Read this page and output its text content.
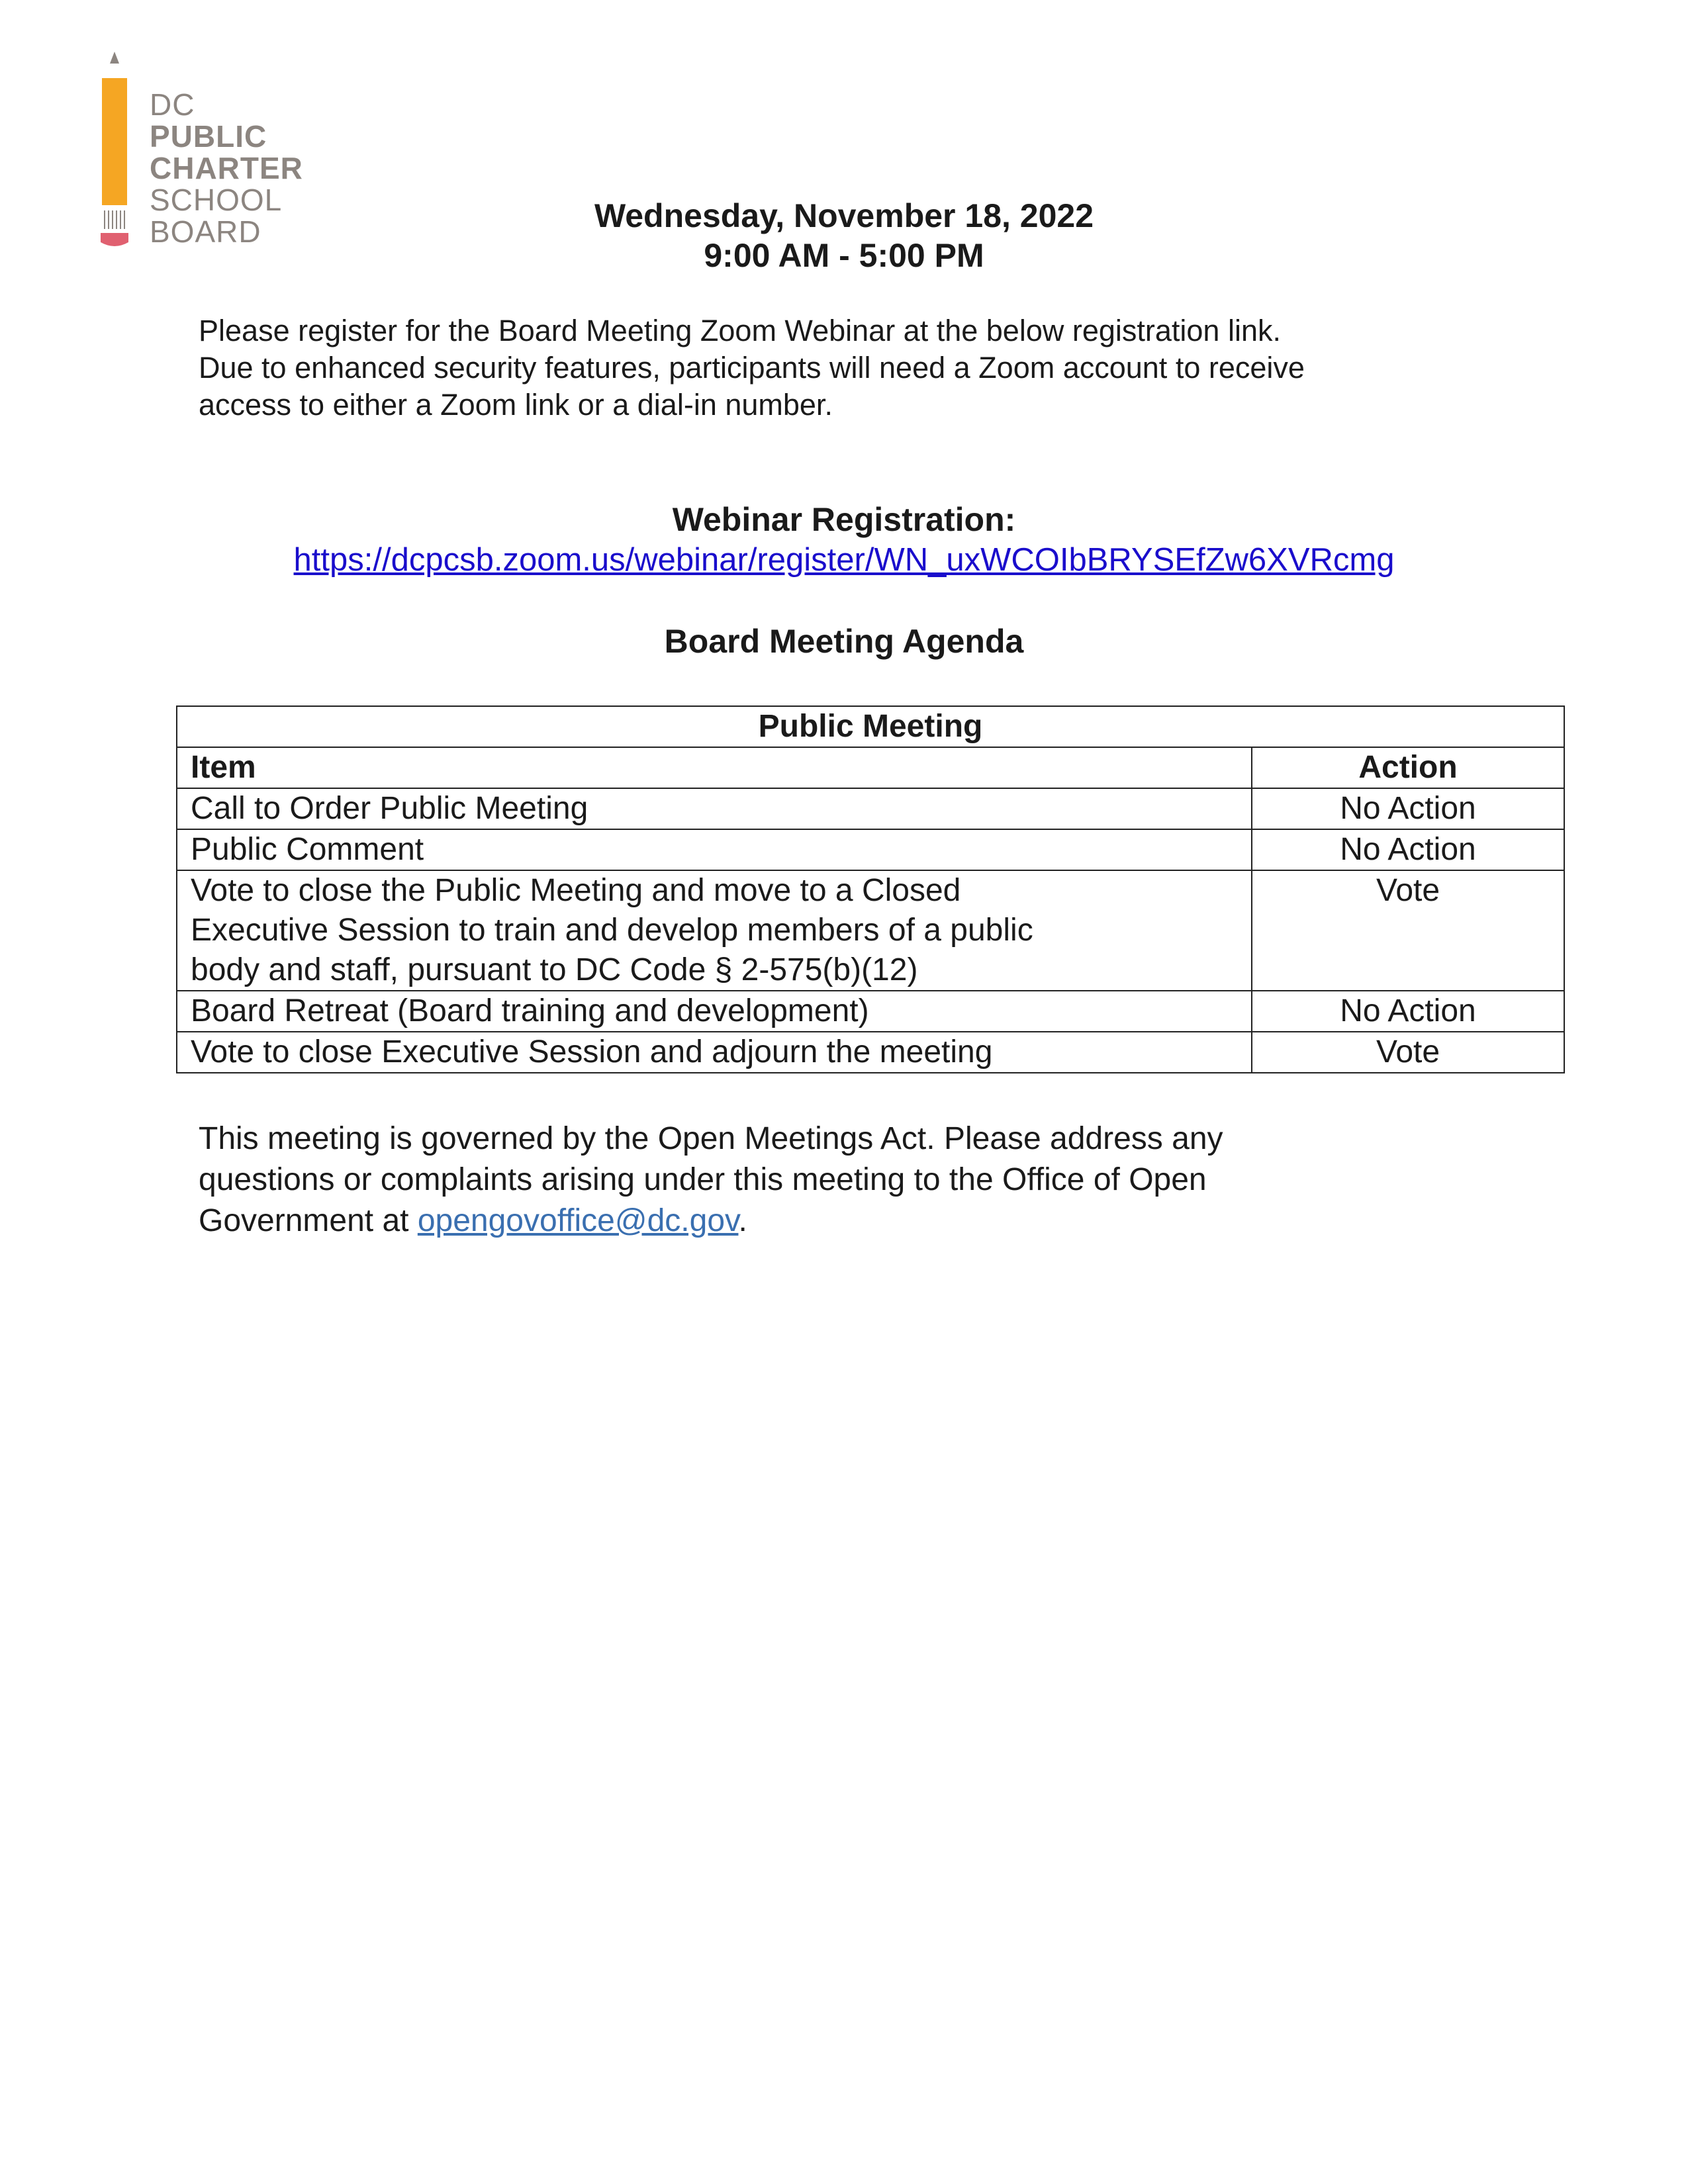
DC
PUBLIC
CHARTER
SCHOOL
BOARD	Wednesday, November 18, 2022
9:00 AM - 5:00 PM
Please register for the Board Meeting Zoom Webinar at the below registration link.
Due to enhanced security features, participants will need a Zoom account to receive
access to either a Zoom link or a dial-in number.
Webinar Registration:
https://dcpcsb.zoom.us/webinar/register/WN_uxWCOIbBRYSEfZw6XVRcmg
Board Meeting Agenda
Public Meeting	
Item	Action
Call to Order Public Meeting	No Action
Public Comment	No Action

Vote to close the Public Meeting and move to a Closed
Executive Session to train and develop members of a public
body and staff, pursuant to DC Code § 2-575(b)(12)	Vote
Board Retreat (Board training and development)	No Action
Vote to close Executive Session and adjourn the meeting	Vote
This meeting is governed by the Open Meetings Act. Please address any
questions or complaints arising under this meeting to the Office of Open
Government at opengovoffice@dc.gov.
